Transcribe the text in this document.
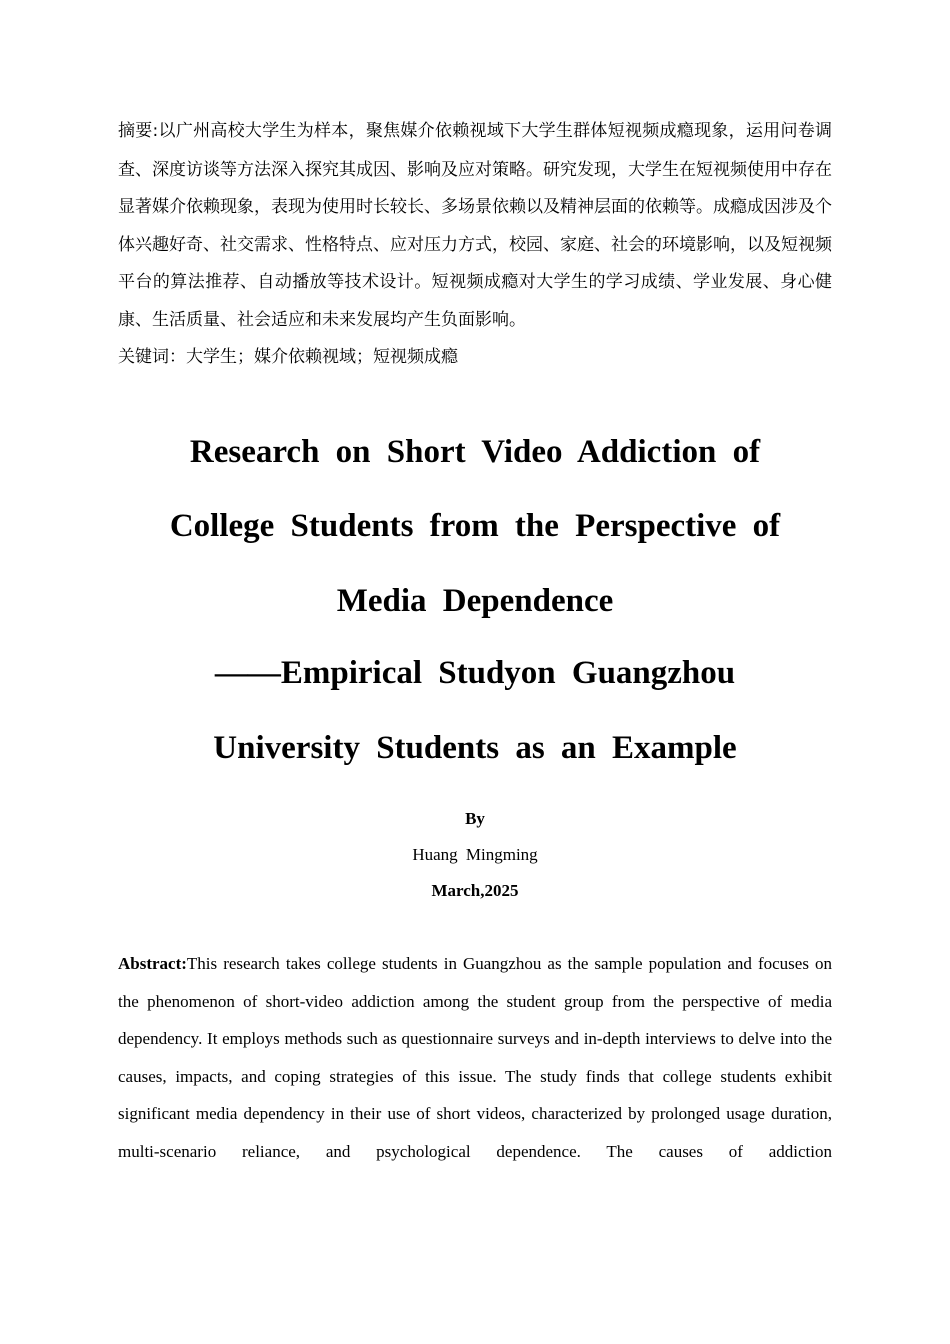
摘要:以广州高校大学生为样本，聚焦媒介依赖视域下大学生群体短视频成瘾现象，运用问卷调查、深度访谈等方法深入探究其成因、影响及应对策略。研究发现，大学生在短视频使用中存在显著媒介依赖现象，表现为使用时长较长、多场景依赖以及精神层面的依赖等。成瘾成因涉及个体兴趣好奇、社交需求、性格特点、应对压力方式，校园、家庭、社会的环境影响，以及短视频平台的算法推荐、自动播放等技术设计。短视频成瘾对大学生的学习成绩、学业发展、身心健康、生活质量、社会适应和未来发展均产生负面影响。

关键词：大学生；媒介依赖视域；短视频成瘾

Research on Short Video Addiction of
College Students from the Perspective of
Media Dependence
——Empirical Studyon Guangzhou
University Students as an Example
By
Huang Mingming
March,2025

Abstract:This research takes college students in Guangzhou as the sample population and focuses on the phenomenon of short-video addiction among the student group from the perspective of media dependency. It employs methods such as questionnaire surveys and in-depth interviews to delve into the causes, impacts, and coping strategies of this issue. The study finds that college students exhibit significant media dependency in their use of short videos, characterized by prolonged usage duration, multi-scenario reliance, and psychological dependence. The causes of addiction
